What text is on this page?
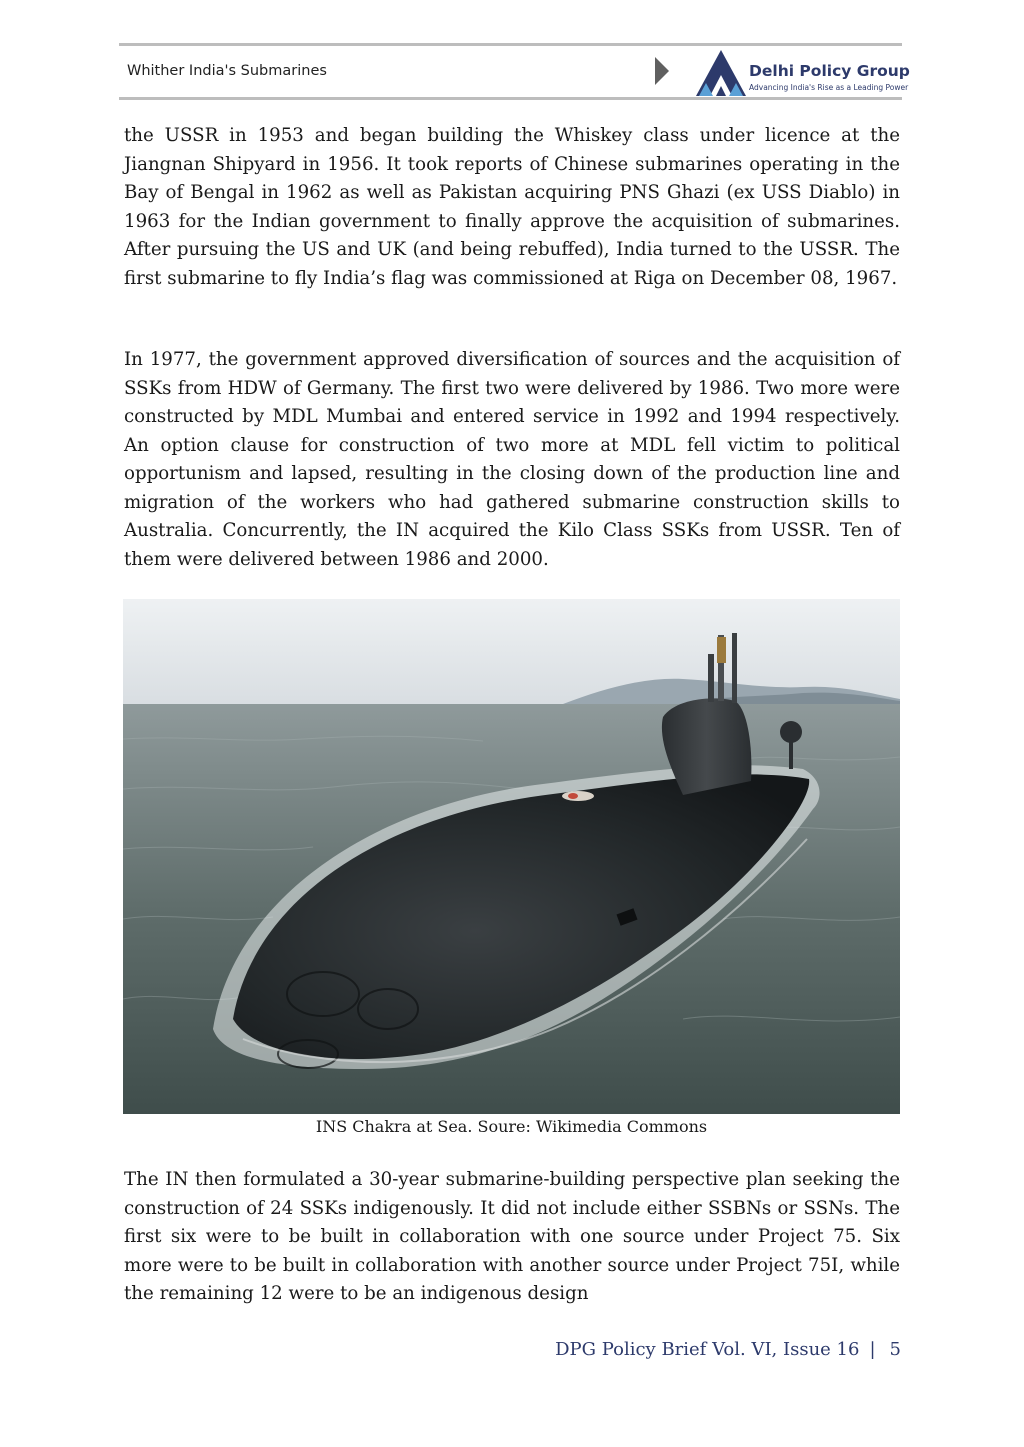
Whither India's Submarines	Delhi Policy Group
Advancing India's Rise as a Leading Power

the USSR in 1953 and began building the Whiskey class under licence at the Jiangnan Shipyard in 1956. It took reports of Chinese submarines operating in the Bay of Bengal in 1962 as well as Pakistan acquiring PNS Ghazi (ex USS Diablo) in 1963 for the Indian government to finally approve the acquisition of submarines. After pursuing the US and UK (and being rebuffed), India turned to the USSR. The first submarine to fly India’s flag was commissioned at Riga on December 08, 1967.

In 1977, the government approved diversification of sources and the acquisition of SSKs from HDW of Germany. The first two were delivered by 1986. Two more were constructed by MDL Mumbai and entered service in 1992 and 1994 respectively. An option clause for construction of two more at MDL fell victim to political opportunism and lapsed, resulting in the closing down of the production line and migration of the workers who had gathered submarine construction skills to Australia. Concurrently, the IN acquired the Kilo Class SSKs from USSR. Ten of them were delivered between 1986 and 2000.

INS Chakra at Sea. Soure: Wikimedia Commons

The IN then formulated a 30-year submarine-building perspective plan seeking the construction of 24 SSKs indigenously. It did not include either SSBNs or SSNs. The first six were to be built in collaboration with one source under Project 75. Six more were to be built in collaboration with another source under Project 75I, while the remaining 12 were to be an indigenous design

DPG Policy Brief Vol. VI, Issue 16 | 5
